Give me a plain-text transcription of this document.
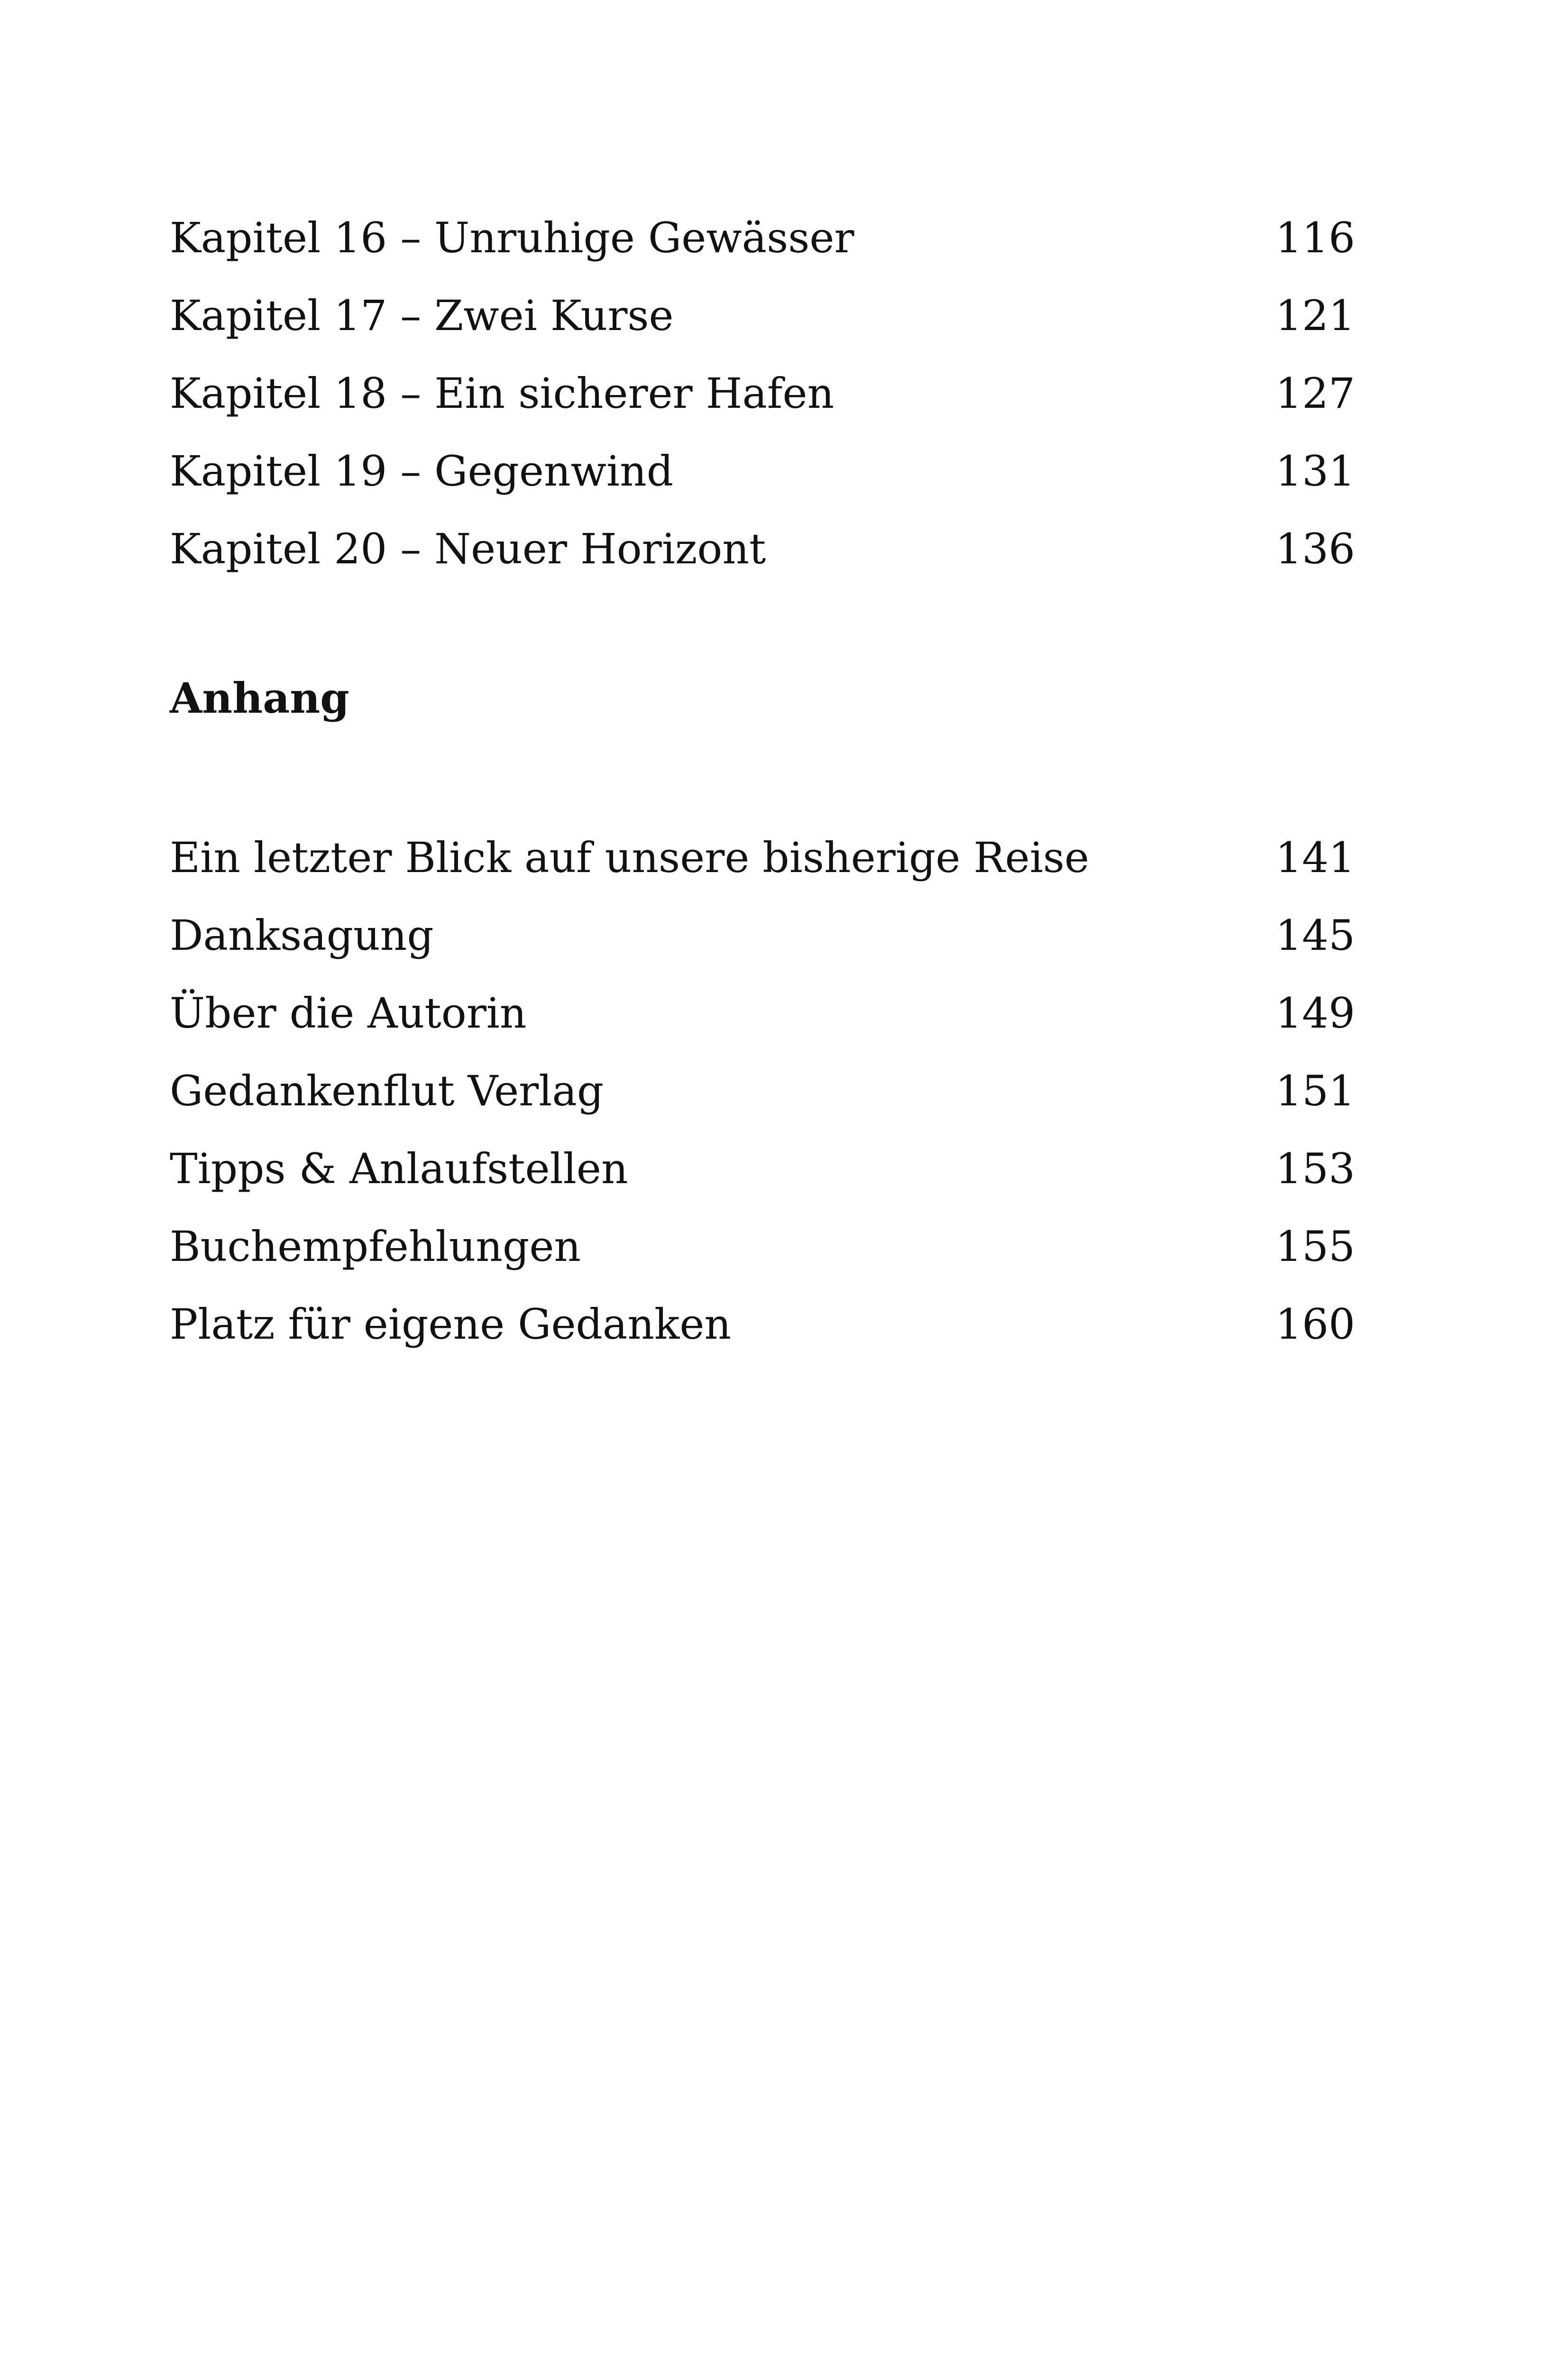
Kapitel 16 – Unruhige Gewässer	116
Kapitel 17 – Zwei Kurse	121
Kapitel 18 – Ein sicherer Hafen	127
Kapitel 19 – Gegenwind	131
Kapitel 20 – Neuer Horizont	136
Anhang
Ein letzter Blick auf unsere bisherige Reise	141
Danksagung	145
Über die Autorin	149
Gedankenflut Verlag	151
Tipps & Anlaufstellen	153
Buchempfehlungen	155
Platz für eigene Gedanken	160
